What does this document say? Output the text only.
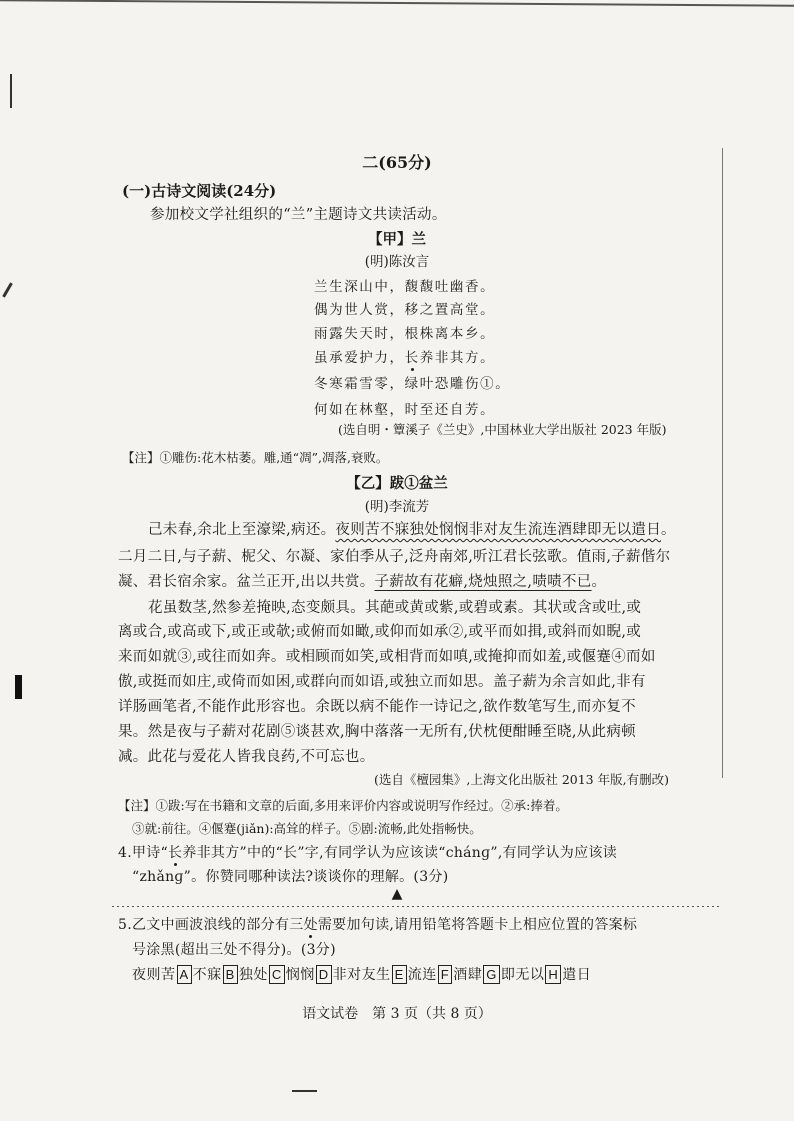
二(65分)
(一)古诗文阅读(24分)
参加校文学社组织的“兰”主题诗文共读活动。
【甲】兰
(明)陈汝言
兰生深山中，馥馥吐幽香。
偶为世人赏，移之置高堂。
雨露失天时，根株离本乡。
虽承爱护力，长养非其方。
冬寒霜雪零，绿叶恐雕伤①。
何如在林壑，时至还自芳。
(选自明・簟溪子《兰史》,中国林业大学出版社 2023 年版)
【注】①雕伤:花木枯萎。雕,通“凋”,凋落,衰败。
【乙】跋①盆兰
(明)李流芳
己未春,余北上至濠梁,病还。夜则苦不寐独处悯悯非对友生流连酒肆即无以遣日。
二月二日,与子薪、柅父、尔凝、家伯季从子,泛舟南郊,听江君长弦歌。值雨,子薪偕尔
凝、君长宿余家。盆兰正开,出以共赏。子薪故有花癖,烧烛照之,啧啧不已。
花虽数茎,然参差掩映,态变颇具。其葩或黄或紫,或碧或素。其状或含或吐,或
离或合,或高或下,或正或欹;或俯而如瞰,或仰而如承②,或平而如揖,或斜而如睨,或
来而如就③,或往而如奔。或相顾而如笑,或相背而如嗔,或掩抑而如羞,或偃蹇④而如
傲,或挺而如庄,或倚而如困,或群向而如语,或独立而如思。盖子薪为余言如此,非有
详肠画笔者,不能作此形容也。余既以病不能作一诗记之,欲作数笔写生,而亦复不
果。然是夜与子薪对花剧⑤谈甚欢,胸中落落一无所有,伏枕便酣睡至晓,从此病顿
减。此花与爱花人皆我良药,不可忘也。
(选自《檀园集》,上海文化出版社 2013 年版,有删改)
【注】①跋:写在书籍和文章的后面,多用来评价内容或说明写作经过。②承:捧着。
③就:前往。④偃蹇(jiǎn):高耸的样子。⑤剧:流畅,此处指畅快。
4.甲诗“长养非其方”中的“长”字,有同学认为应该读“chánɡ”,有同学认为应该读
“zhǎnɡ”。你赞同哪种读法?谈谈你的理解。(3分)
▲
5.乙文中画波浪线的部分有三处需要加句读,请用铅笔将答题卡上相应位置的答案标
号涂黑(超出三处不得分)。(3分)
夜则苦 A 不寐 B 独处 C 悯悯 D 非对友生 E 流连 F 酒肆 G 即无以 H 遣日
语文试卷　第 3 页（共 8 页）
